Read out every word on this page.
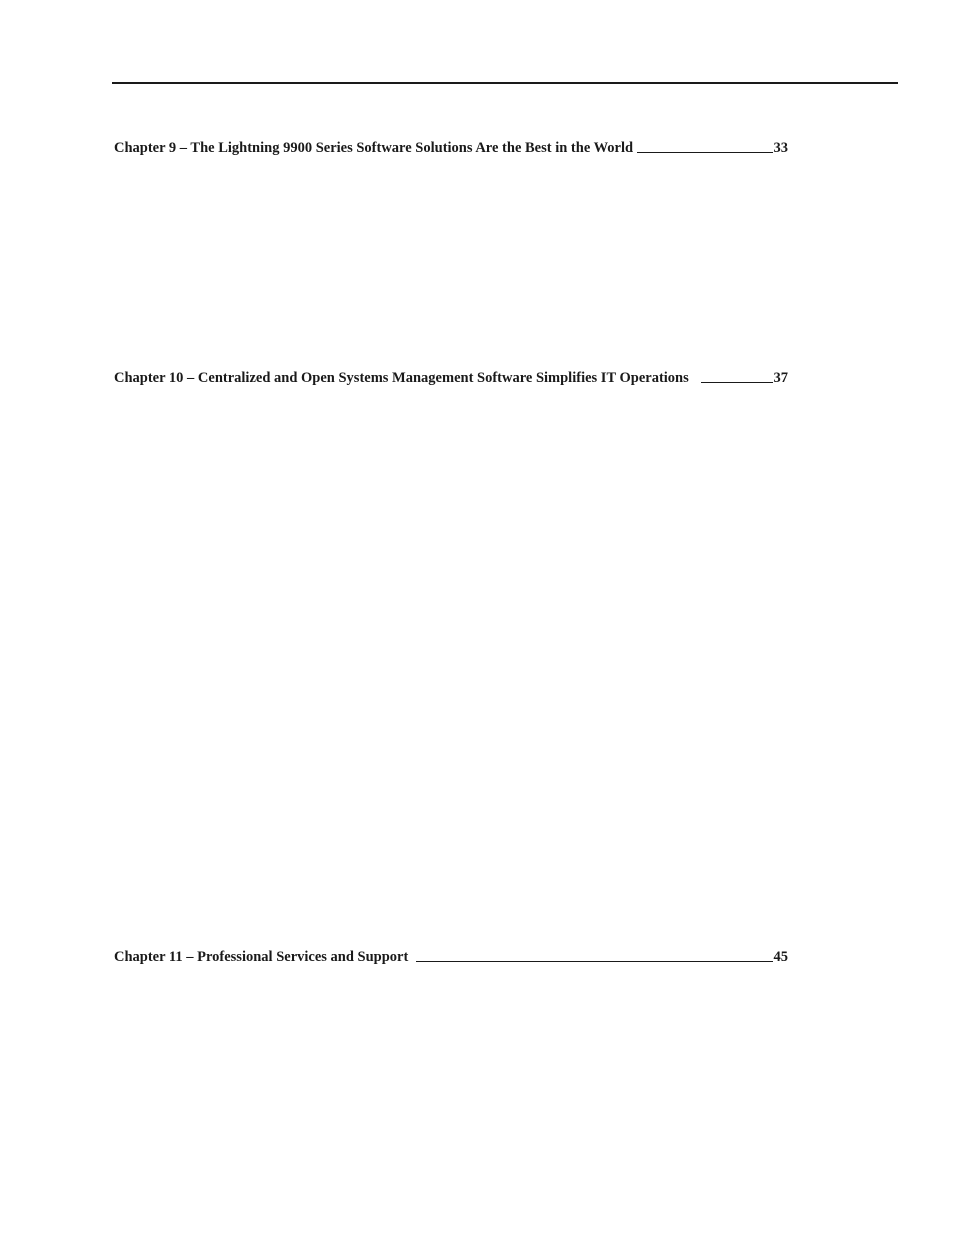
Chapter 9 – The Lightning 9900 Series Software Solutions Are the Best in the World	33
Chapter 10 – Centralized and Open Systems Management Software Simplifies IT Operations	37
Chapter 11 – Professional Services and Support	45
